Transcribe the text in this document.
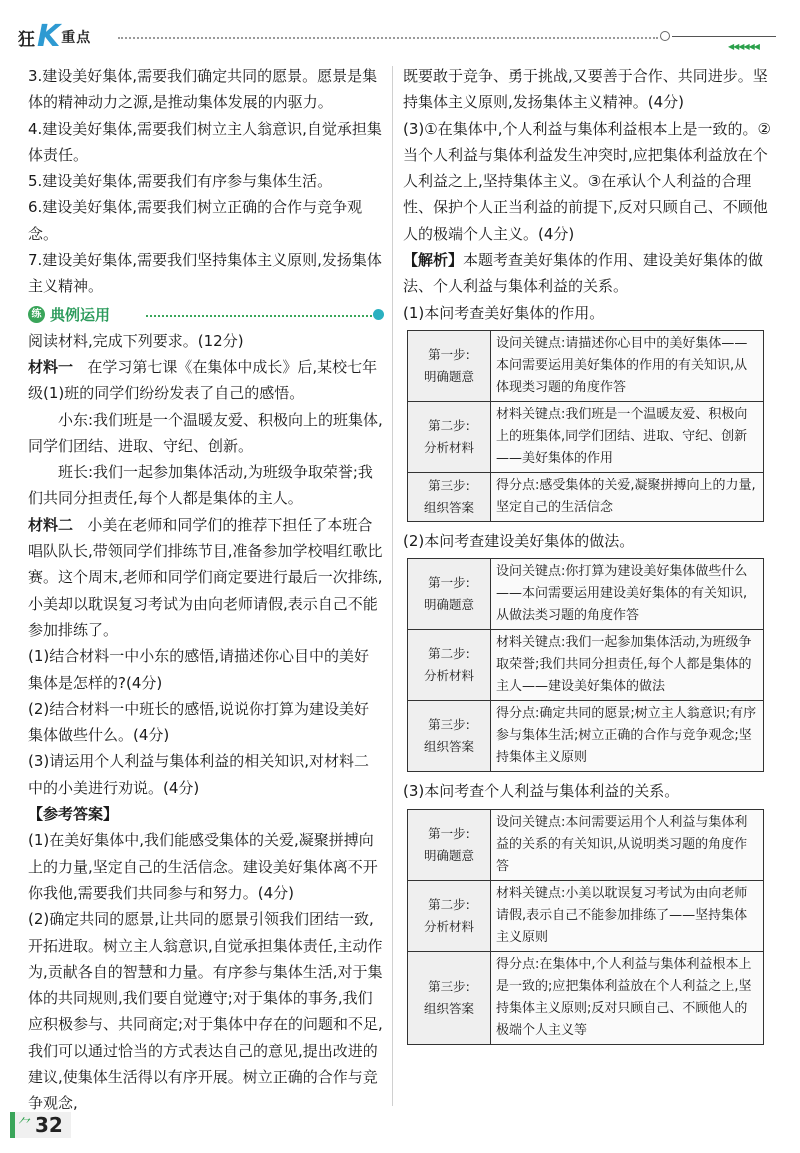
狂 K 重点
◀◀◀◀◀◀

3.建设美好集体,需要我们确定共同的愿景。愿景是集体的精神动力之源,是推动集体发展的内驱力。

4.建设美好集体,需要我们树立主人翁意识,自觉承担集体责任。

5.建设美好集体,需要我们有序参与集体生活。

6.建设美好集体,需要我们树立正确的合作与竞争观念。

7.建设美好集体,需要我们坚持集体主义原则,发扬集体主义精神。

练 典例运用

阅读材料,完成下列要求。(12分)

材料一 在学习第七课《在集体中成长》后,某校七年级(1)班的同学们纷纷发表了自己的感悟。

小东:我们班是一个温暖友爱、积极向上的班集体,同学们团结、进取、守纪、创新。

班长:我们一起参加集体活动,为班级争取荣誉;我们共同分担责任,每个人都是集体的主人。

材料二 小美在老师和同学们的推荐下担任了本班合唱队队长,带领同学们排练节目,准备参加学校唱红歌比赛。这个周末,老师和同学们商定要进行最后一次排练,小美却以耽误复习考试为由向老师请假,表示自己不能参加排练了。

(1)结合材料一中小东的感悟,请描述你心目中的美好集体是怎样的?(4分)

(2)结合材料一中班长的感悟,说说你打算为建设美好集体做些什么。(4分)

(3)请运用个人利益与集体利益的相关知识,对材料二中的小美进行劝说。(4分)

【参考答案】

(1)在美好集体中,我们能感受集体的关爱,凝聚拼搏向上的力量,坚定自己的生活信念。建设美好集体离不开你我他,需要我们共同参与和努力。(4分)

(2)确定共同的愿景,让共同的愿景引领我们团结一致,开拓进取。树立主人翁意识,自觉承担集体责任,主动作为,贡献各自的智慧和力量。有序参与集体生活,对于集体的共同规则,我们要自觉遵守;对于集体的事务,我们应积极参与、共同商定;对于集体中存在的问题和不足,我们可以通过恰当的方式表达自己的意见,提出改进的建议,使集体生活得以有序开展。树立正确的合作与竞争观念,

既要敢于竞争、勇于挑战,又要善于合作、共同进步。坚持集体主义原则,发扬集体主义精神。(4分)

(3)①在集体中,个人利益与集体利益根本上是一致的。②当个人利益与集体利益发生冲突时,应把集体利益放在个人利益之上,坚持集体主义。③在承认个人利益的合理性、保护个人正当利益的前提下,反对只顾自己、不顾他人的极端个人主义。(4分)

【解析】本题考查美好集体的作用、建设美好集体的做法、个人利益与集体利益的关系。

(1)本问考查美好集体的作用。

第一步:
明确题意	设问关键点:请描述你心目中的美好集体——本问需要运用美好集体的作用的有关知识,从体现类习题的角度作答
第二步:
分析材料	材料关键点:我们班是一个温暖友爱、积极向上的班集体,同学们团结、进取、守纪、创新——美好集体的作用
第三步:
组织答案	得分点:感受集体的关爱,凝聚拼搏向上的力量,坚定自己的生活信念

(2)本问考查建设美好集体的做法。

第一步:
明确题意	设问关键点:你打算为建设美好集体做些什么——本问需要运用建设美好集体的有关知识,从做法类习题的角度作答
第二步:
分析材料	材料关键点:我们一起参加集体活动,为班级争取荣誉;我们共同分担责任,每个人都是集体的主人——建设美好集体的做法
第三步:
组织答案	得分点:确定共同的愿景;树立主人翁意识;有序参与集体生活;树立正确的合作与竞争观念;坚持集体主义原则

(3)本问考查个人利益与集体利益的关系。

第一步:
明确题意	设问关键点:本问需要运用个人利益与集体利益的关系的有关知识,从说明类习题的角度作答
第二步:
分析材料	材料关键点:小美以耽误复习考试为由向老师请假,表示自己不能参加排练了——坚持集体主义原则
第三步:
组织答案	得分点:在集体中,个人利益与集体利益根本上是一致的;应把集体利益放在个人利益之上,坚持集体主义原则;反对只顾自己、不顾他人的极端个人主义等
⺈ 32
